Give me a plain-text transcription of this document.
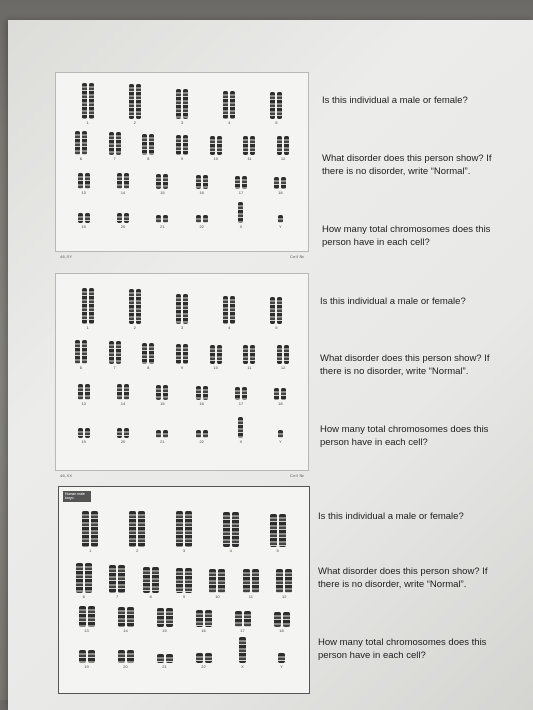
46,XY	Cell №
1	2	3	4	5
6	7	8	9	10	11	12
13	14	15	16	17	18
19	20	21	22	X	Y
46,XX	Cell №
1	2	3	4	5
6	7	8	9	10	11	12
13	14	15	16	17	18
19	20	21	22	X	Y
Human male karyo
1	2	3	4	5
6	7	8	9	10	11	12
13	14	15	16	17	18
19	20	21	22	X	Y
Is this individual a male or female?
What disorder does this person show? If
there is no disorder, write “Normal”.
How many total chromosomes does this
person have in each cell?
Is this individual a male or female?
What disorder does this person show? If
there is no disorder, write “Normal”.
How many total chromosomes does this
person have in each cell?
Is this individual a male or female?
What disorder does this person show? If
there is no disorder, write “Normal”.
How many total chromosomes does this
person have in each cell?
